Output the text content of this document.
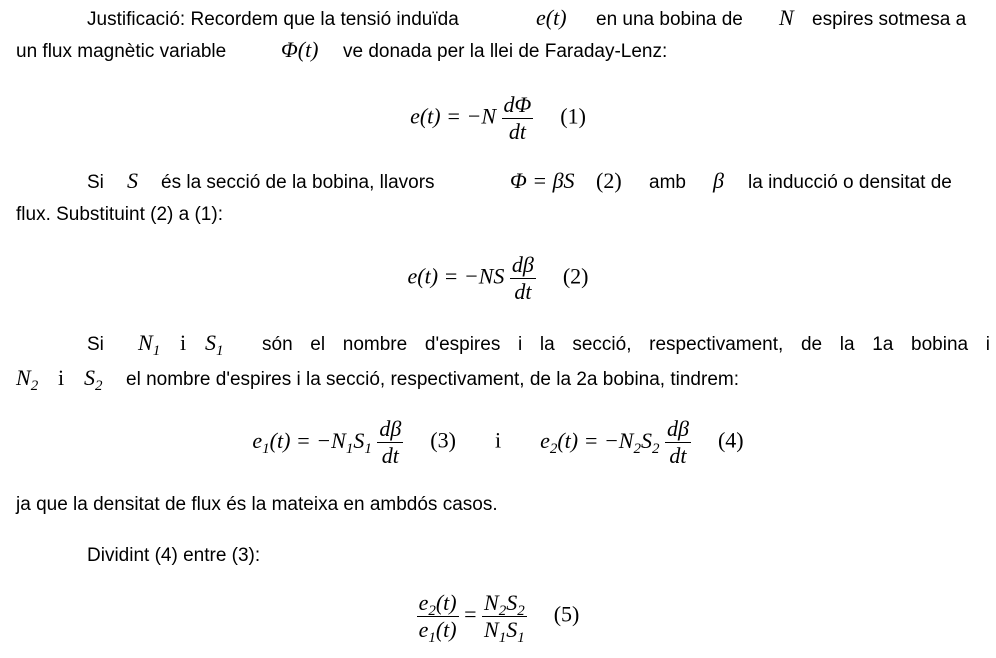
Justificació: Recordem que la tensió induïda	e(t) en una bobina de N espires sotmesa a
un flux magnètic variable Φ(t) ve donada per la llei de Faraday-Lenz:
$e(t) = -N \frac{d\Phi}{dt} (1)$
Si S és la secció de la bobina, llavors	Φ = βS (2) amb β la inducció o densitat de
flux. Substituint (2) a (1):
$e(t) = -NS \frac{d\beta}{dt} (2)$
Si $N_1$ i $S_1$ són el nombre d'espires i la secció, respectivament, de la 1a bobina i
$N_2$ i $S_2$ el nombre d'espires i la secció, respectivament, de la 2a bobina, tindrem:
$e_1(t) = -N_1S_1 \frac{d\beta}{dt} (3)$ i $e_2(t) = -N_2S_2 \frac{d\beta}{dt} (4)$
ja que la densitat de flux és la mateixa en ambdós casos.
Dividint (4) entre (3):
$\frac{e_2(t)}{e_1(t)} = \frac{N_2S_2}{N_1S_1} (5)$
